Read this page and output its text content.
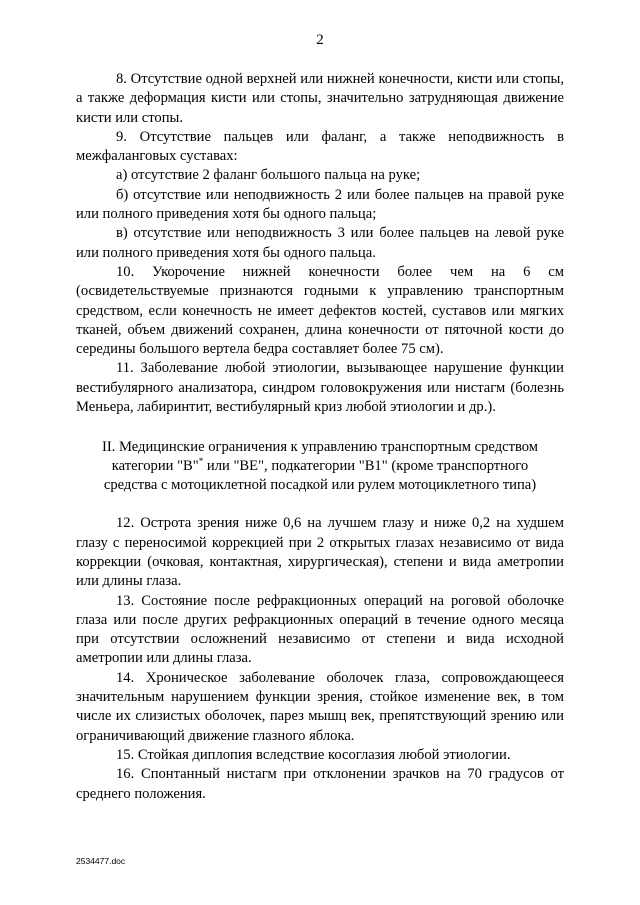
2

8. Отсутствие одной верхней или нижней конечности, кисти или стопы, а также деформация кисти или стопы, значительно затрудняющая движение кисти или стопы.

9. Отсутствие пальцев или фаланг, а также неподвижность в межфаланговых суставах:

а) отсутствие 2 фаланг большого пальца на руке;

б) отсутствие или неподвижность 2 или более пальцев на правой руке или полного приведения хотя бы одного пальца;

в) отсутствие или неподвижность 3 или более пальцев на левой руке или полного приведения хотя бы одного пальца.

10. Укорочение нижней конечности более чем на 6 см (освидетельствуемые признаются годными к управлению транспортным средством, если конечность не имеет дефектов костей, суставов или мягких тканей, объем движений сохранен, длина конечности от пяточной кости до середины большого вертела бедра составляет более 75 см).

11. Заболевание любой этиологии, вызывающее нарушение функции вестибулярного анализатора, синдром головокружения или нистагм (болезнь Меньера, лабиринтит, вестибулярный криз любой этиологии и др.).

II. Медицинские ограничения к управлению транспортным средством

категории "B"* или "BE", подкатегории "B1" (кроме транспортного

средства с мотоциклетной посадкой или рулем мотоциклетного типа)

12. Острота зрения ниже 0,6 на лучшем глазу и ниже 0,2 на худшем глазу с переносимой коррекцией при 2 открытых глазах независимо от вида коррекции (очковая, контактная, хирургическая), степени и вида аметропии или длины глаза.

13. Состояние после рефракционных операций на роговой оболочке глаза или после других рефракционных операций в течение одного месяца при отсутствии осложнений независимо от степени и вида исходной аметропии или длины глаза.

14. Хроническое заболевание оболочек глаза, сопровождающееся значительным нарушением функции зрения, стойкое изменение век, в том числе их слизистых оболочек, парез мышц век, препятствующий зрению или ограничивающий движение глазного яблока.

15. Стойкая диплопия вследствие косоглазия любой этиологии.

16. Спонтанный нистагм при отклонении зрачков на 70 градусов от среднего положения.

2534477.doc
